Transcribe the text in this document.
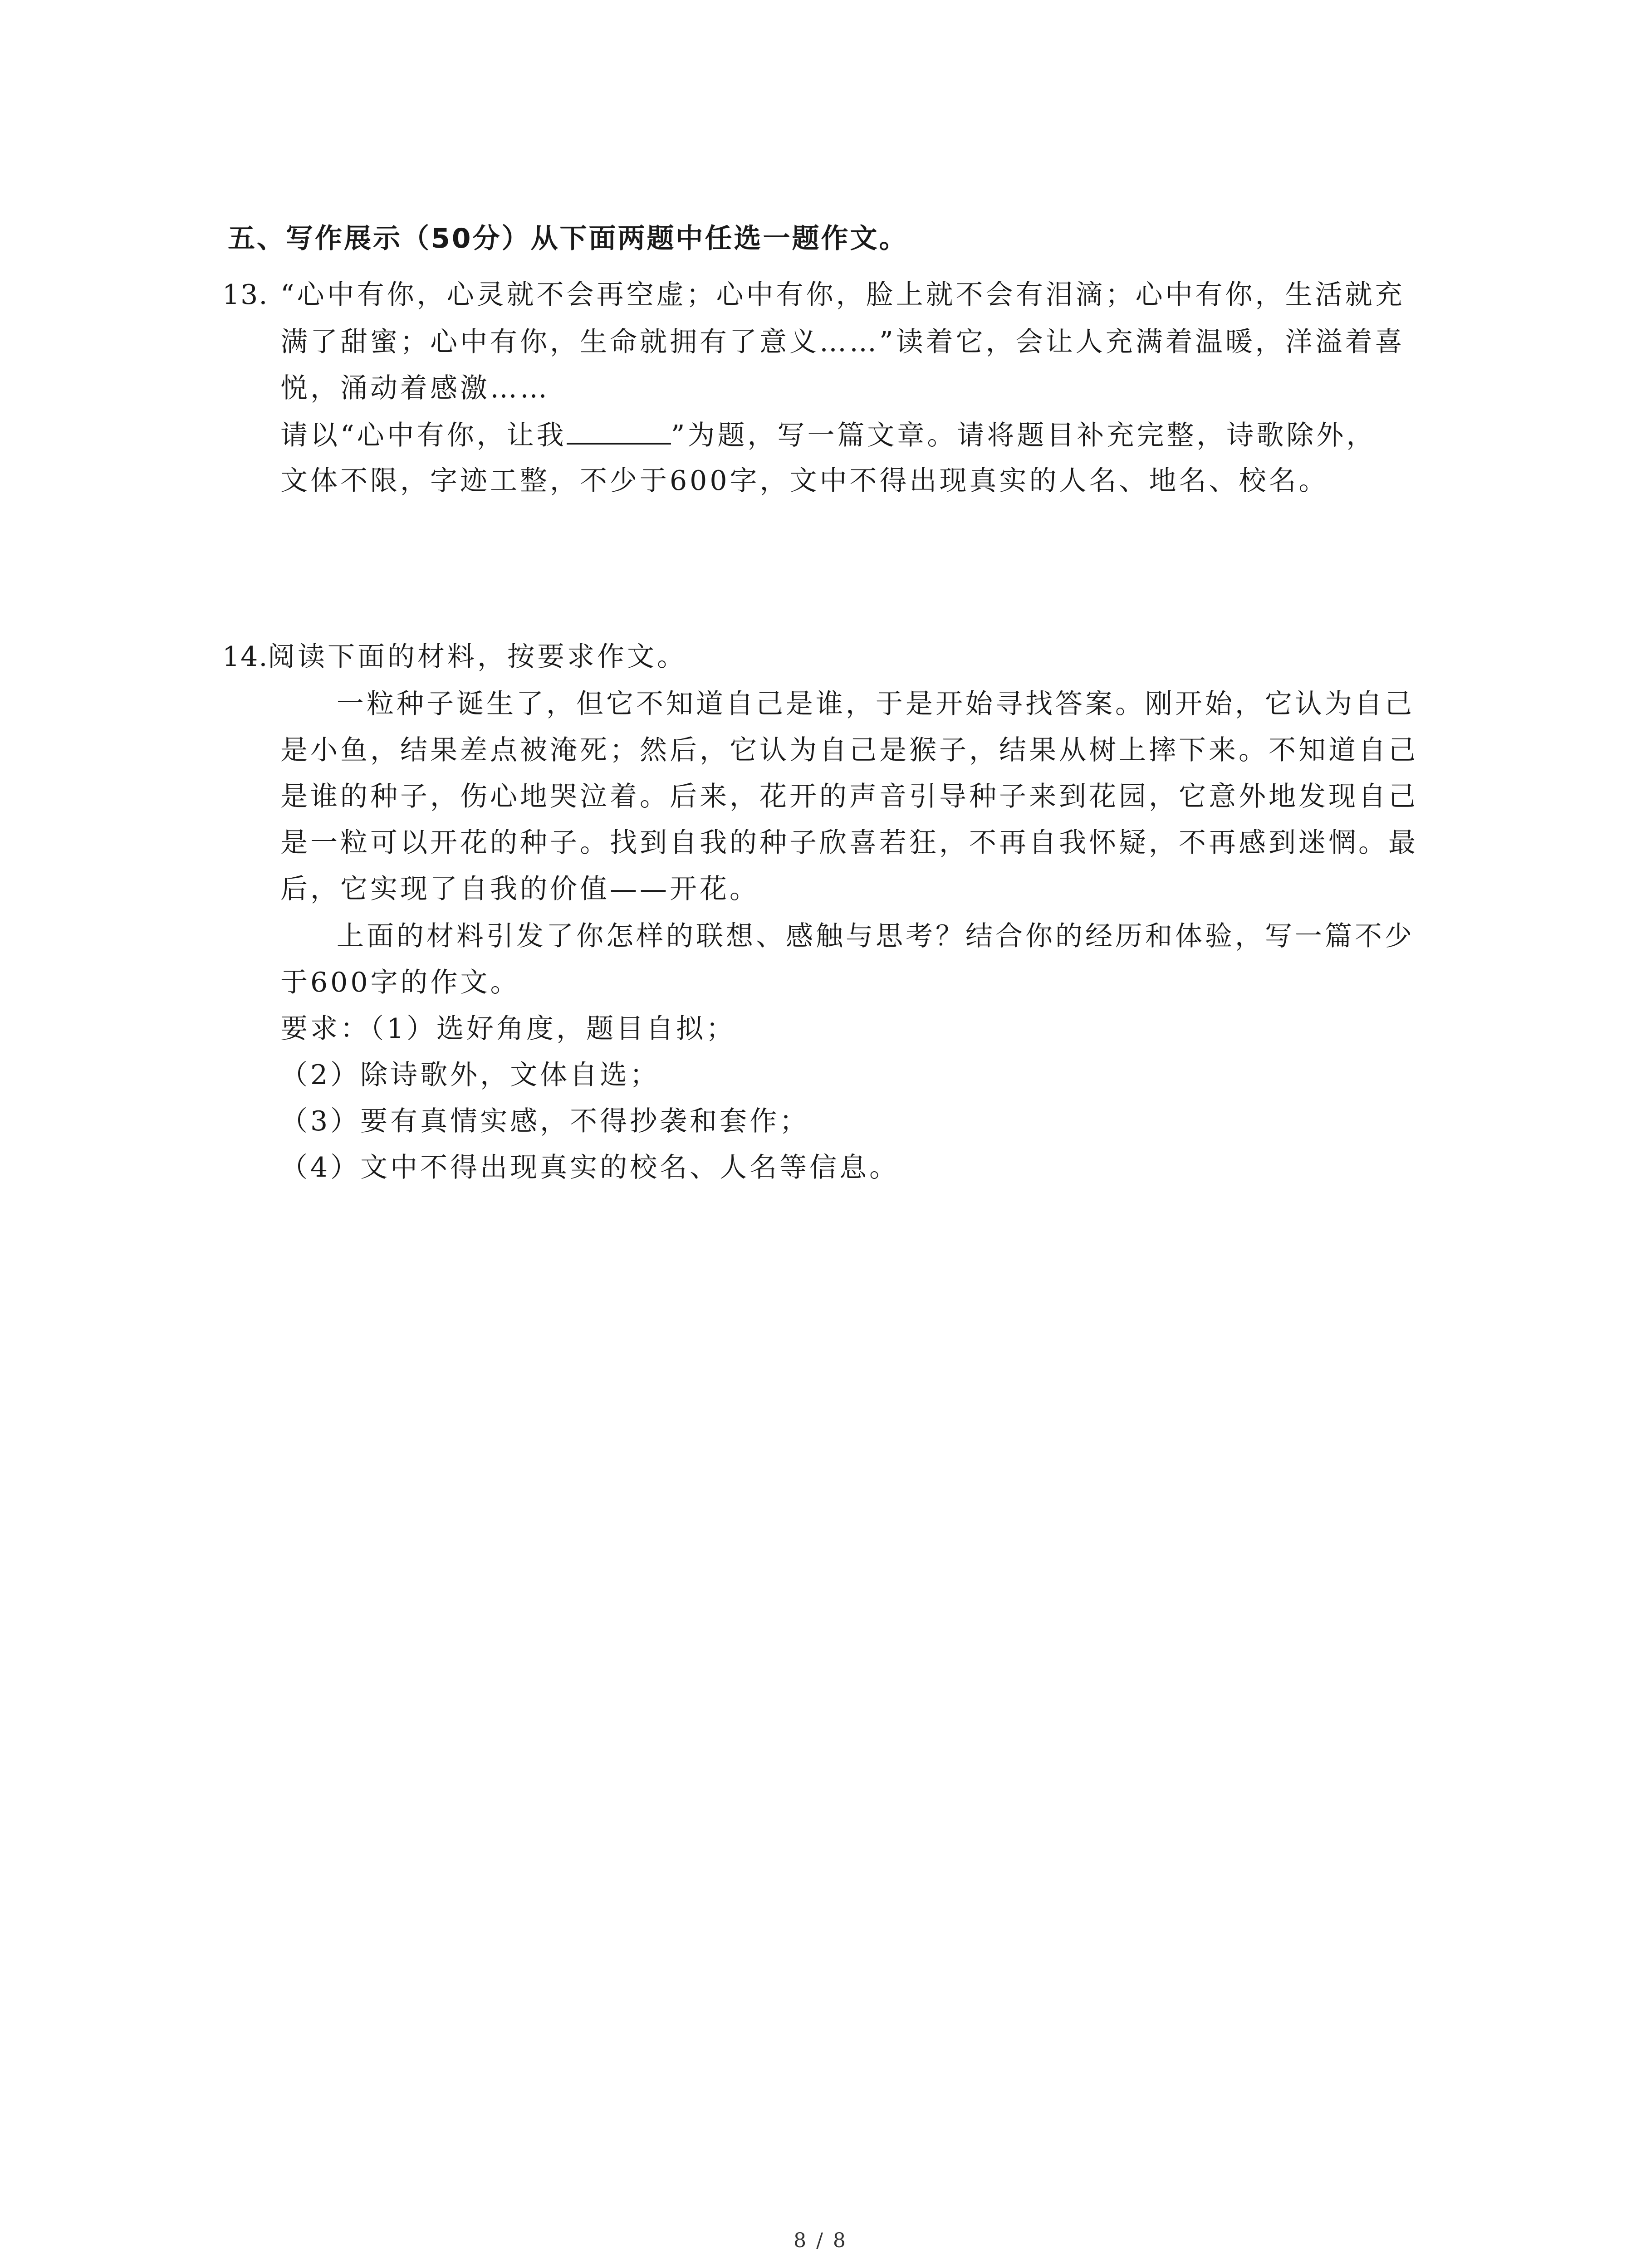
五、写作展示（50分）从下面两题中任选一题作文。
13. “心中有你，心灵就不会再空虚；心中有你，脸上就不会有泪滴；心中有你，生活就充
满了甜蜜；心中有你，生命就拥有了意义……”读着它，会让人充满着温暖，洋溢着喜
悦，涌动着感激……
请以“心中有你，让我	”为题，写一篇文章。请将题目补充完整，诗歌除外，
文体不限，字迹工整，不少于600字，文中不得出现真实的人名、地名、校名。
14.
阅读下面的材料，按要求作文。
一粒种子诞生了，但它不知道自己是谁，于是开始寻找答案。刚开始，它认为自己
是小鱼，结果差点被淹死；然后，它认为自己是猴子，结果从树上摔下来。不知道自己
是谁的种子，伤心地哭泣着。后来，花开的声音引导种子来到花园，它意外地发现自己
是一粒可以开花的种子。找到自我的种子欣喜若狂，不再自我怀疑，不再感到迷惘。最
后，它实现了自我的价值——开花。
上面的材料引发了你怎样的联想、感触与思考？结合你的经历和体验，写一篇不少
于600字的作文。
要求：（1）选好角度，题目自拟；
（2）除诗歌外，文体自选；
（3）要有真情实感，不得抄袭和套作；
（4）文中不得出现真实的校名、人名等信息。
8 / 8
